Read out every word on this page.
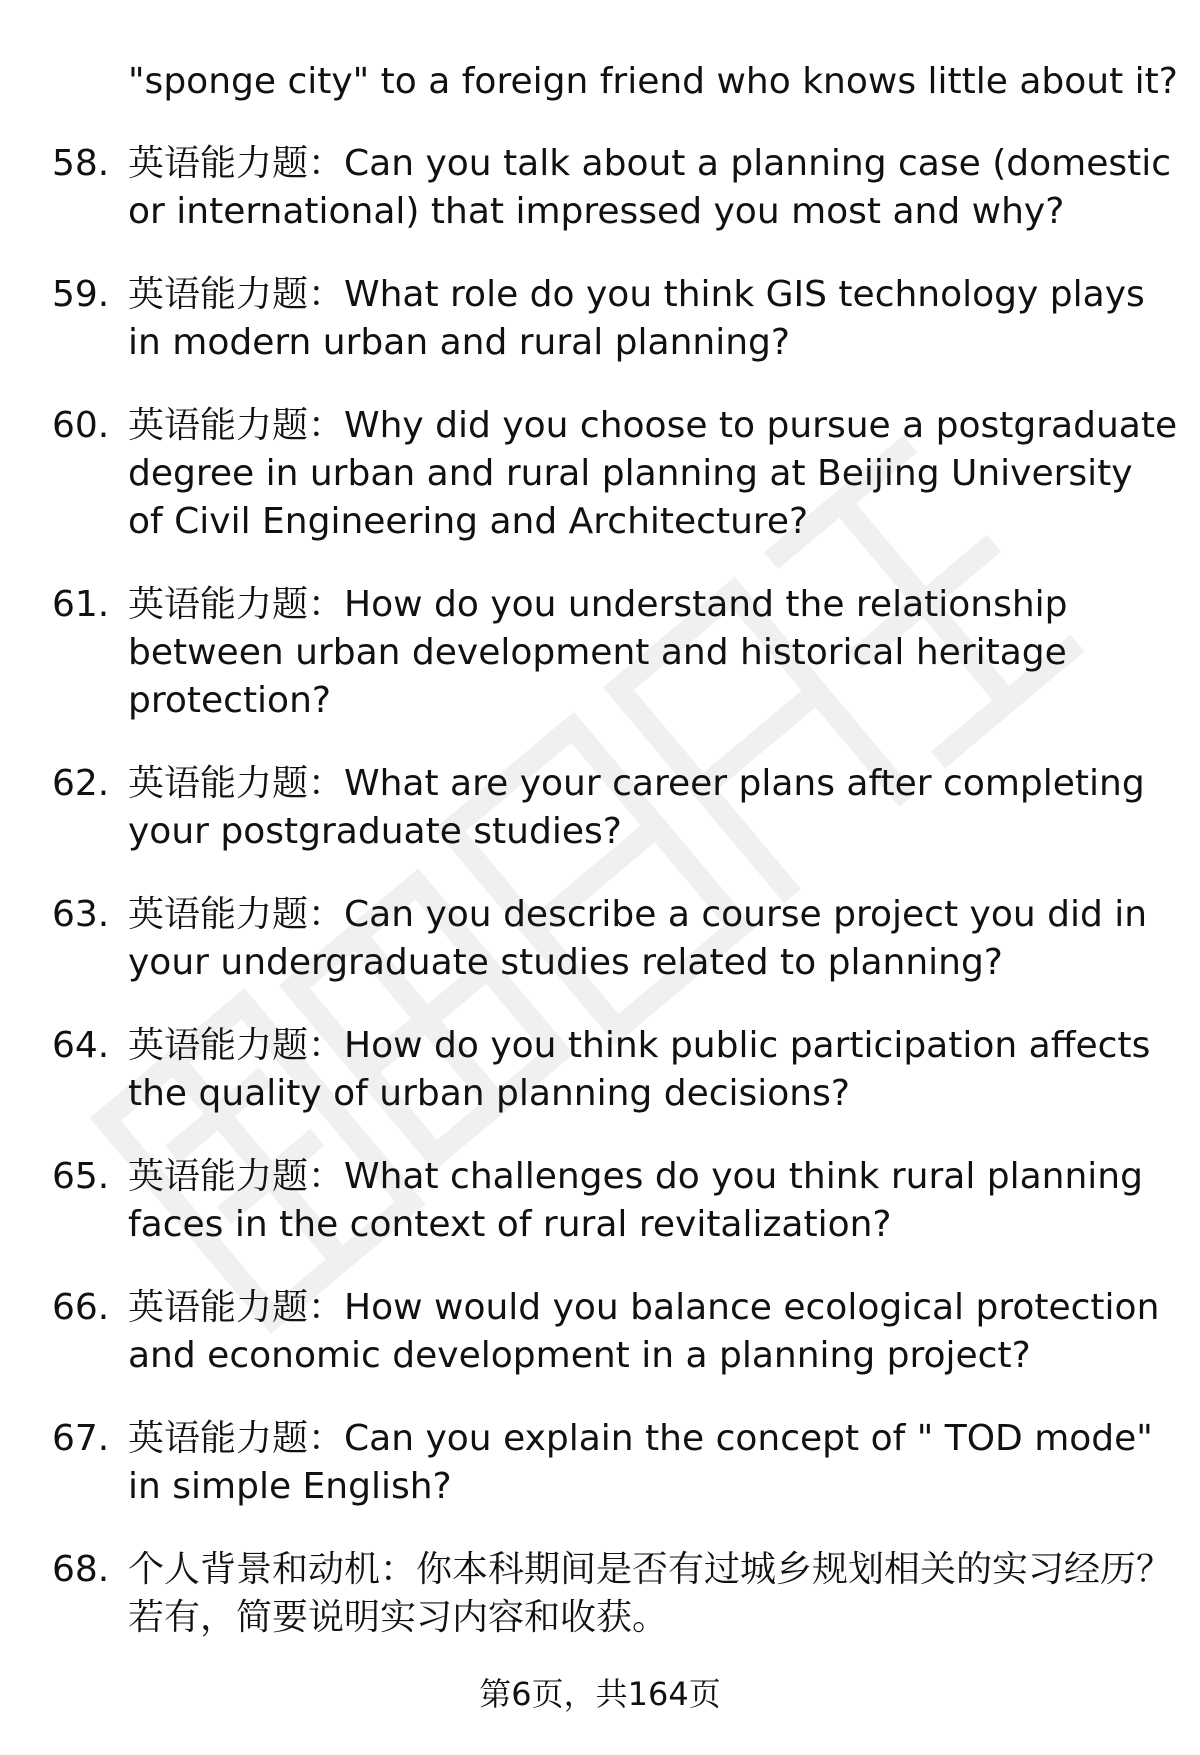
"sponge city" to a foreign friend who knows little about it?
58. 英语能力题：Can you talk about a planning case (domestic or international) that impressed you most and why?
59. 英语能力题：What role do you think GIS technology plays in modern urban and rural planning?
60. 英语能力题：Why did you choose to pursue a postgraduate degree in urban and rural planning at Beijing University of Civil Engineering and Architecture?
61. 英语能力题：How do you understand the relationship between urban development and historical heritage protection?
62. 英语能力题：What are your career plans after completing your postgraduate studies?
63. 英语能力题：Can you describe a course project you did in your undergraduate studies related to planning?
64. 英语能力题：How do you think public participation affects the quality of urban planning decisions?
65. 英语能力题：What challenges do you think rural planning faces in the context of rural revitalization?
66. 英语能力题：How would you balance ecological protection and economic development in a planning project?
67. 英语能力题：Can you explain the concept of " TOD mode" in simple English?
68. 个人背景和动机：你本科期间是否有过城乡规划相关的实习经历？若有，简要说明实习内容和收获。
第6页，共164页
